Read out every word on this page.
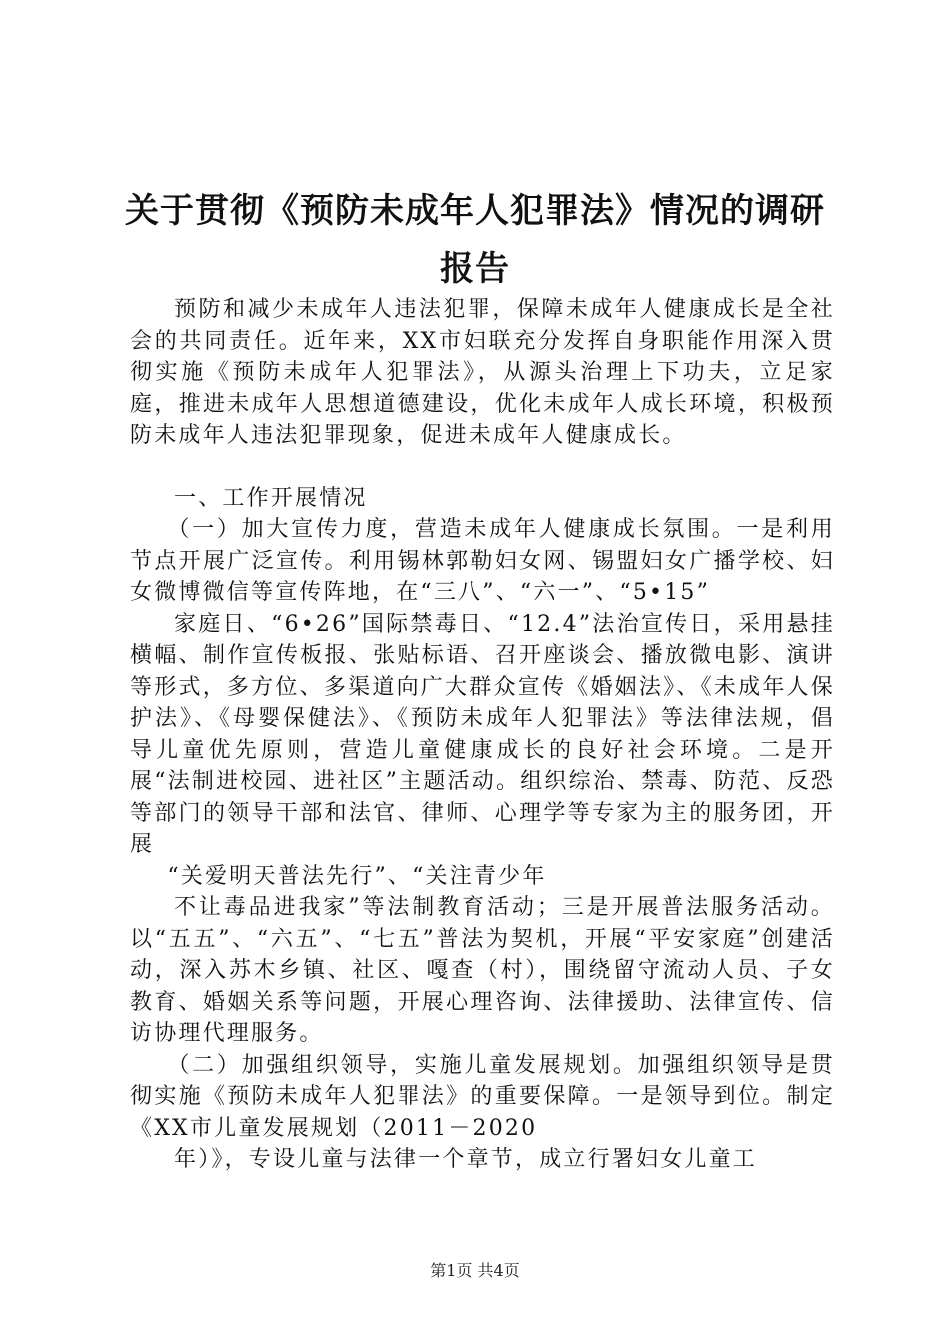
关于贯彻《预防未成年人犯罪法》情况的调研
报告

预防和减少未成年人违法犯罪，保障未成年人健康成长是全社会的共同责任。近年来，XX市妇联充分发挥自身职能作用深入贯彻实施《预防未成年人犯罪法》，从源头治理上下功夫，立足家庭，推进未成年人思想道德建设，优化未成年人成长环境，积极预防未成年人违法犯罪现象，促进未成年人健康成长。

一、工作开展情况

（一）加大宣传力度，营造未成年人健康成长氛围。一是利用节点开展广泛宣传。利用锡林郭勒妇女网、锡盟妇女广播学校、妇女微博微信等宣传阵地，在“三八”、“六一”、“5•15”

家庭日、“6•26”国际禁毒日、“12.4”法治宣传日，采用悬挂横幅、制作宣传板报、张贴标语、召开座谈会、播放微电影、演讲等形式，多方位、多渠道向广大群众宣传《婚姻法》、《未成年人保护法》、《母婴保健法》、《预防未成年人犯罪法》等法律法规，倡导儿童优先原则，营造儿童健康成长的良好社会环境。二是开展“法制进校园、进社区”主题活动。组织综治、禁毒、防范、反恐等部门的领导干部和法官、律师、心理学等专家为主的服务团，开展

“关爱明天普法先行”、“关注青少年

不让毒品进我家”等法制教育活动；三是开展普法服务活动。以“五五”、“六五”、“七五”普法为契机，开展“平安家庭”创建活动，深入苏木乡镇、社区、嘎查（村），围绕留守流动人员、子女教育、婚姻关系等问题，开展心理咨询、法律援助、法律宣传、信访协理代理服务。

（二）加强组织领导，实施儿童发展规划。加强组织领导是贯彻实施《预防未成年人犯罪法》的重要保障。一是领导到位。制定《XX市儿童发展规划（2011－2020

年）》，专设儿童与法律一个章节，成立行署妇女儿童工

第1页 共4页
